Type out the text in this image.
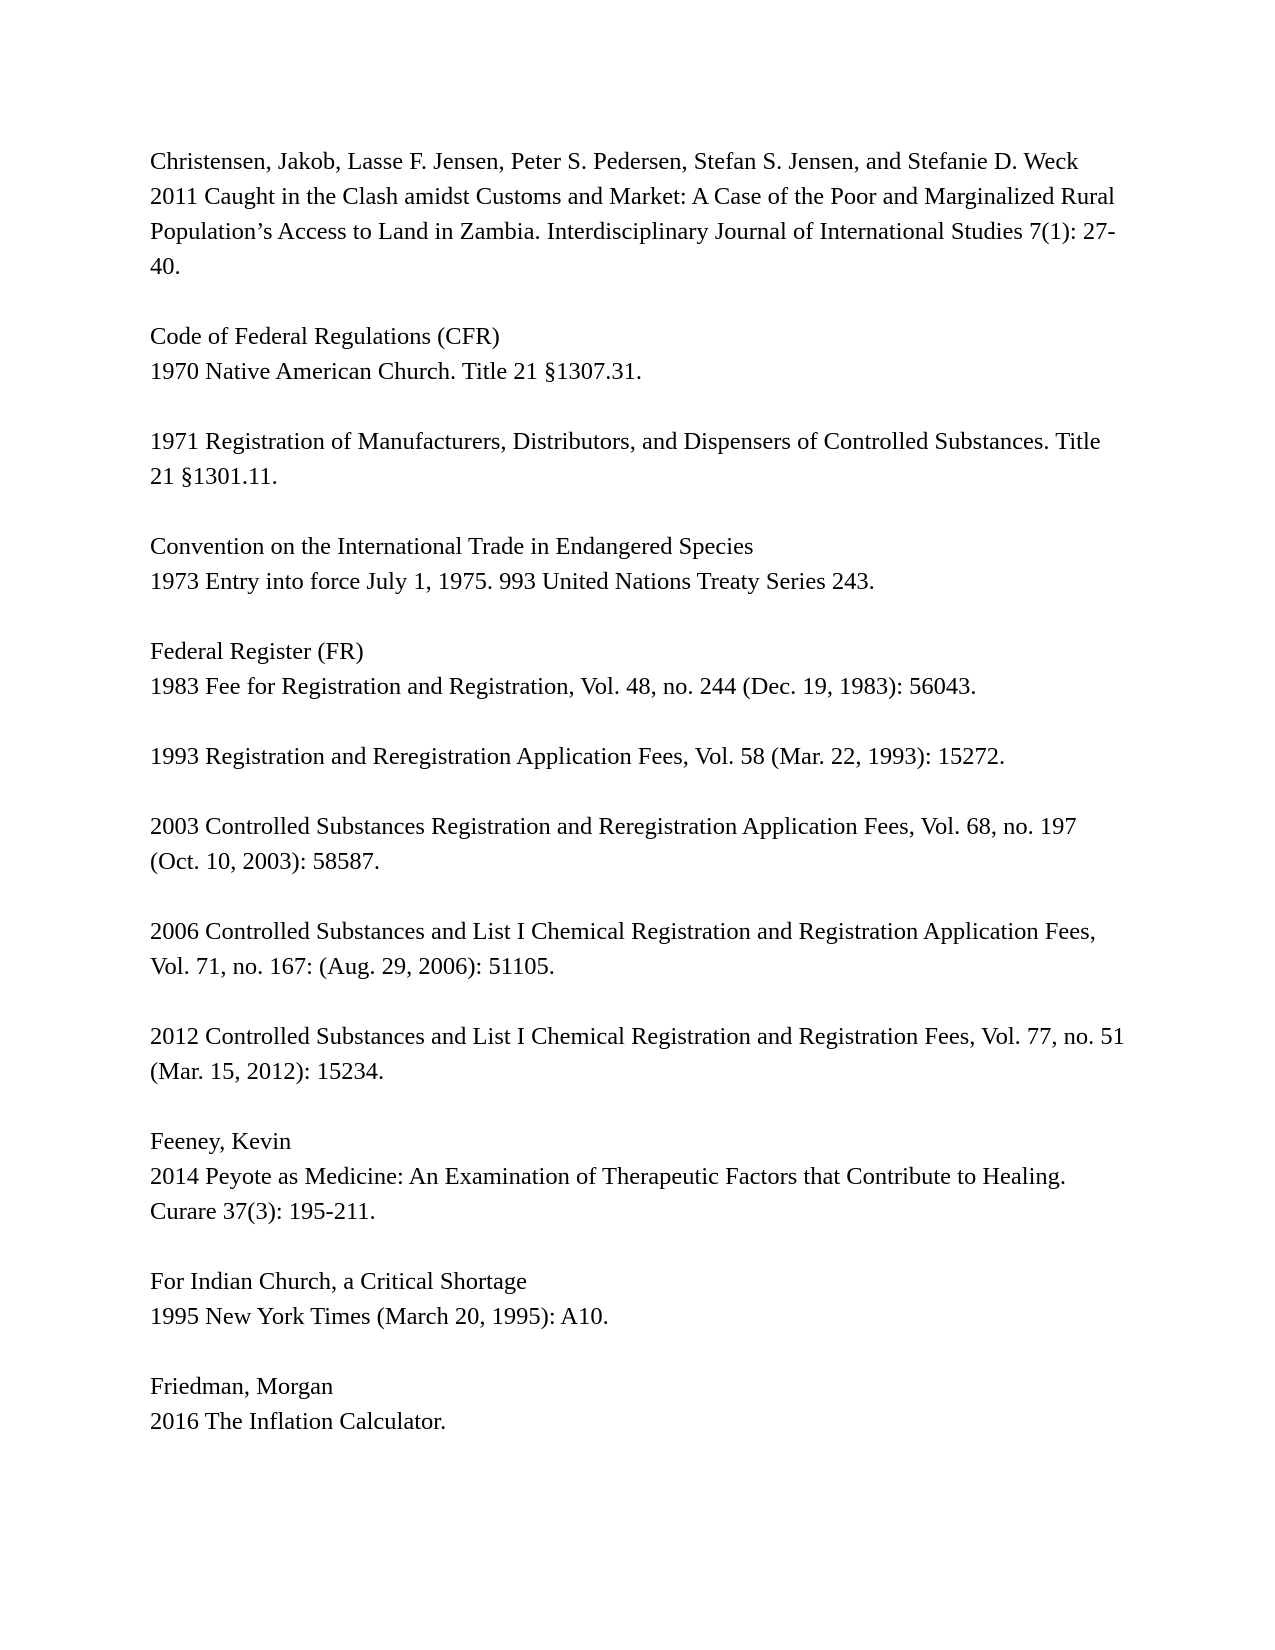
Christensen, Jakob, Lasse F. Jensen, Peter S. Pedersen, Stefan S. Jensen, and Stefanie D. Weck

2011 Caught in the Clash amidst Customs and Market: A Case of the Poor and Marginalized Rural Population’s Access to Land in Zambia. Interdisciplinary Journal of International Studies 7(1): 27-40.

Code of Federal Regulations (CFR)

1970 Native American Church. Title 21 §1307.31.

1971 Registration of Manufacturers, Distributors, and Dispensers of Controlled Substances. Title 21 §1301.11.

Convention on the International Trade in Endangered Species

1973 Entry into force July 1, 1975. 993 United Nations Treaty Series 243.

Federal Register (FR)

1983 Fee for Registration and Registration, Vol. 48, no. 244 (Dec. 19, 1983): 56043.

1993 Registration and Reregistration Application Fees, Vol. 58 (Mar. 22, 1993): 15272.

2003 Controlled Substances Registration and Reregistration Application Fees, Vol. 68, no. 197 (Oct. 10, 2003): 58587.

2006 Controlled Substances and List I Chemical Registration and Registration Application Fees, Vol. 71, no. 167: (Aug. 29, 2006): 51105.

2012 Controlled Substances and List I Chemical Registration and Registration Fees, Vol. 77, no. 51 (Mar. 15, 2012): 15234.

Feeney, Kevin

2014 Peyote as Medicine: An Examination of Therapeutic Factors that Contribute to Healing. Curare 37(3): 195-211.

For Indian Church, a Critical Shortage

1995 New York Times (March 20, 1995): A10.

Friedman, Morgan

2016 The Inflation Calculator.
